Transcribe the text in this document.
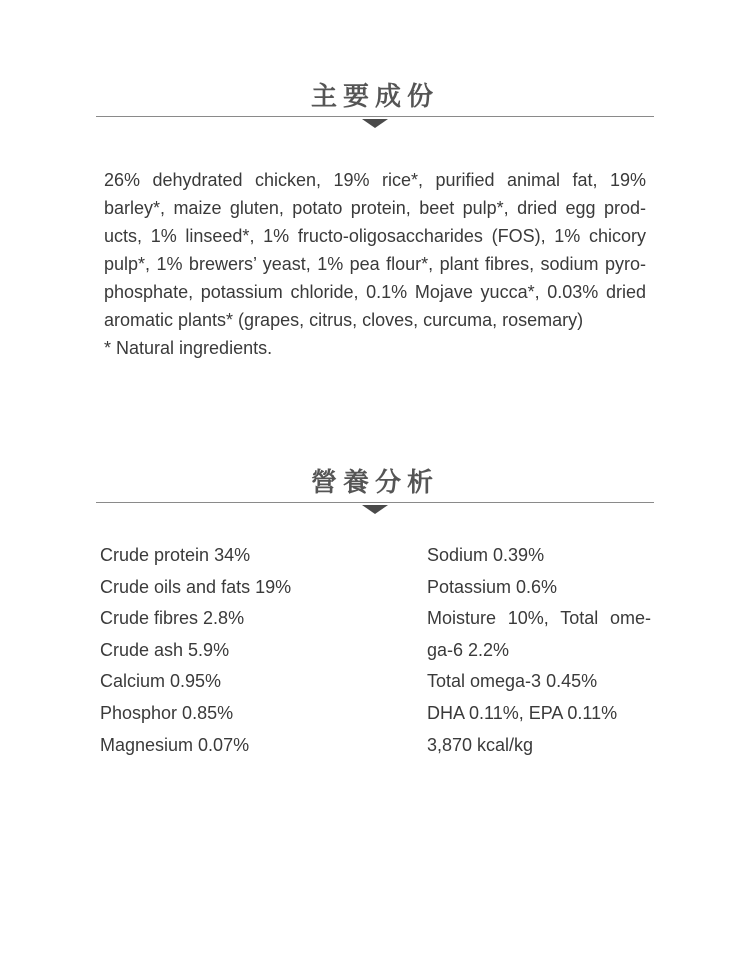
主要成份
26% dehydrated chicken, 19% rice*, purified animal fat, 19% barley*, maize gluten, potato protein, beet pulp*, dried egg prod-ucts, 1% linseed*, 1% fructo-oligosaccharides (FOS), 1% chicory pulp*, 1% brewers’ yeast, 1% pea flour*, plant fibres, sodium pyro-phosphate, potassium chloride, 0.1% Mojave yucca*, 0.03% dried aromatic plants* (grapes, citrus, cloves, curcuma, rosemary)
* Natural ingredients.
營養分析
Crude protein 34%
Crude oils and fats 19%
Crude fibres 2.8%
Crude ash 5.9%
Calcium 0.95%
Phosphor 0.85%
Magnesium 0.07%
Sodium 0.39%
Potassium 0.6%
Moisture 10%, Total ome-ga-6 2.2%
Total omega-3 0.45%
DHA 0.11%, EPA 0.11%
3,870 kcal/kg
